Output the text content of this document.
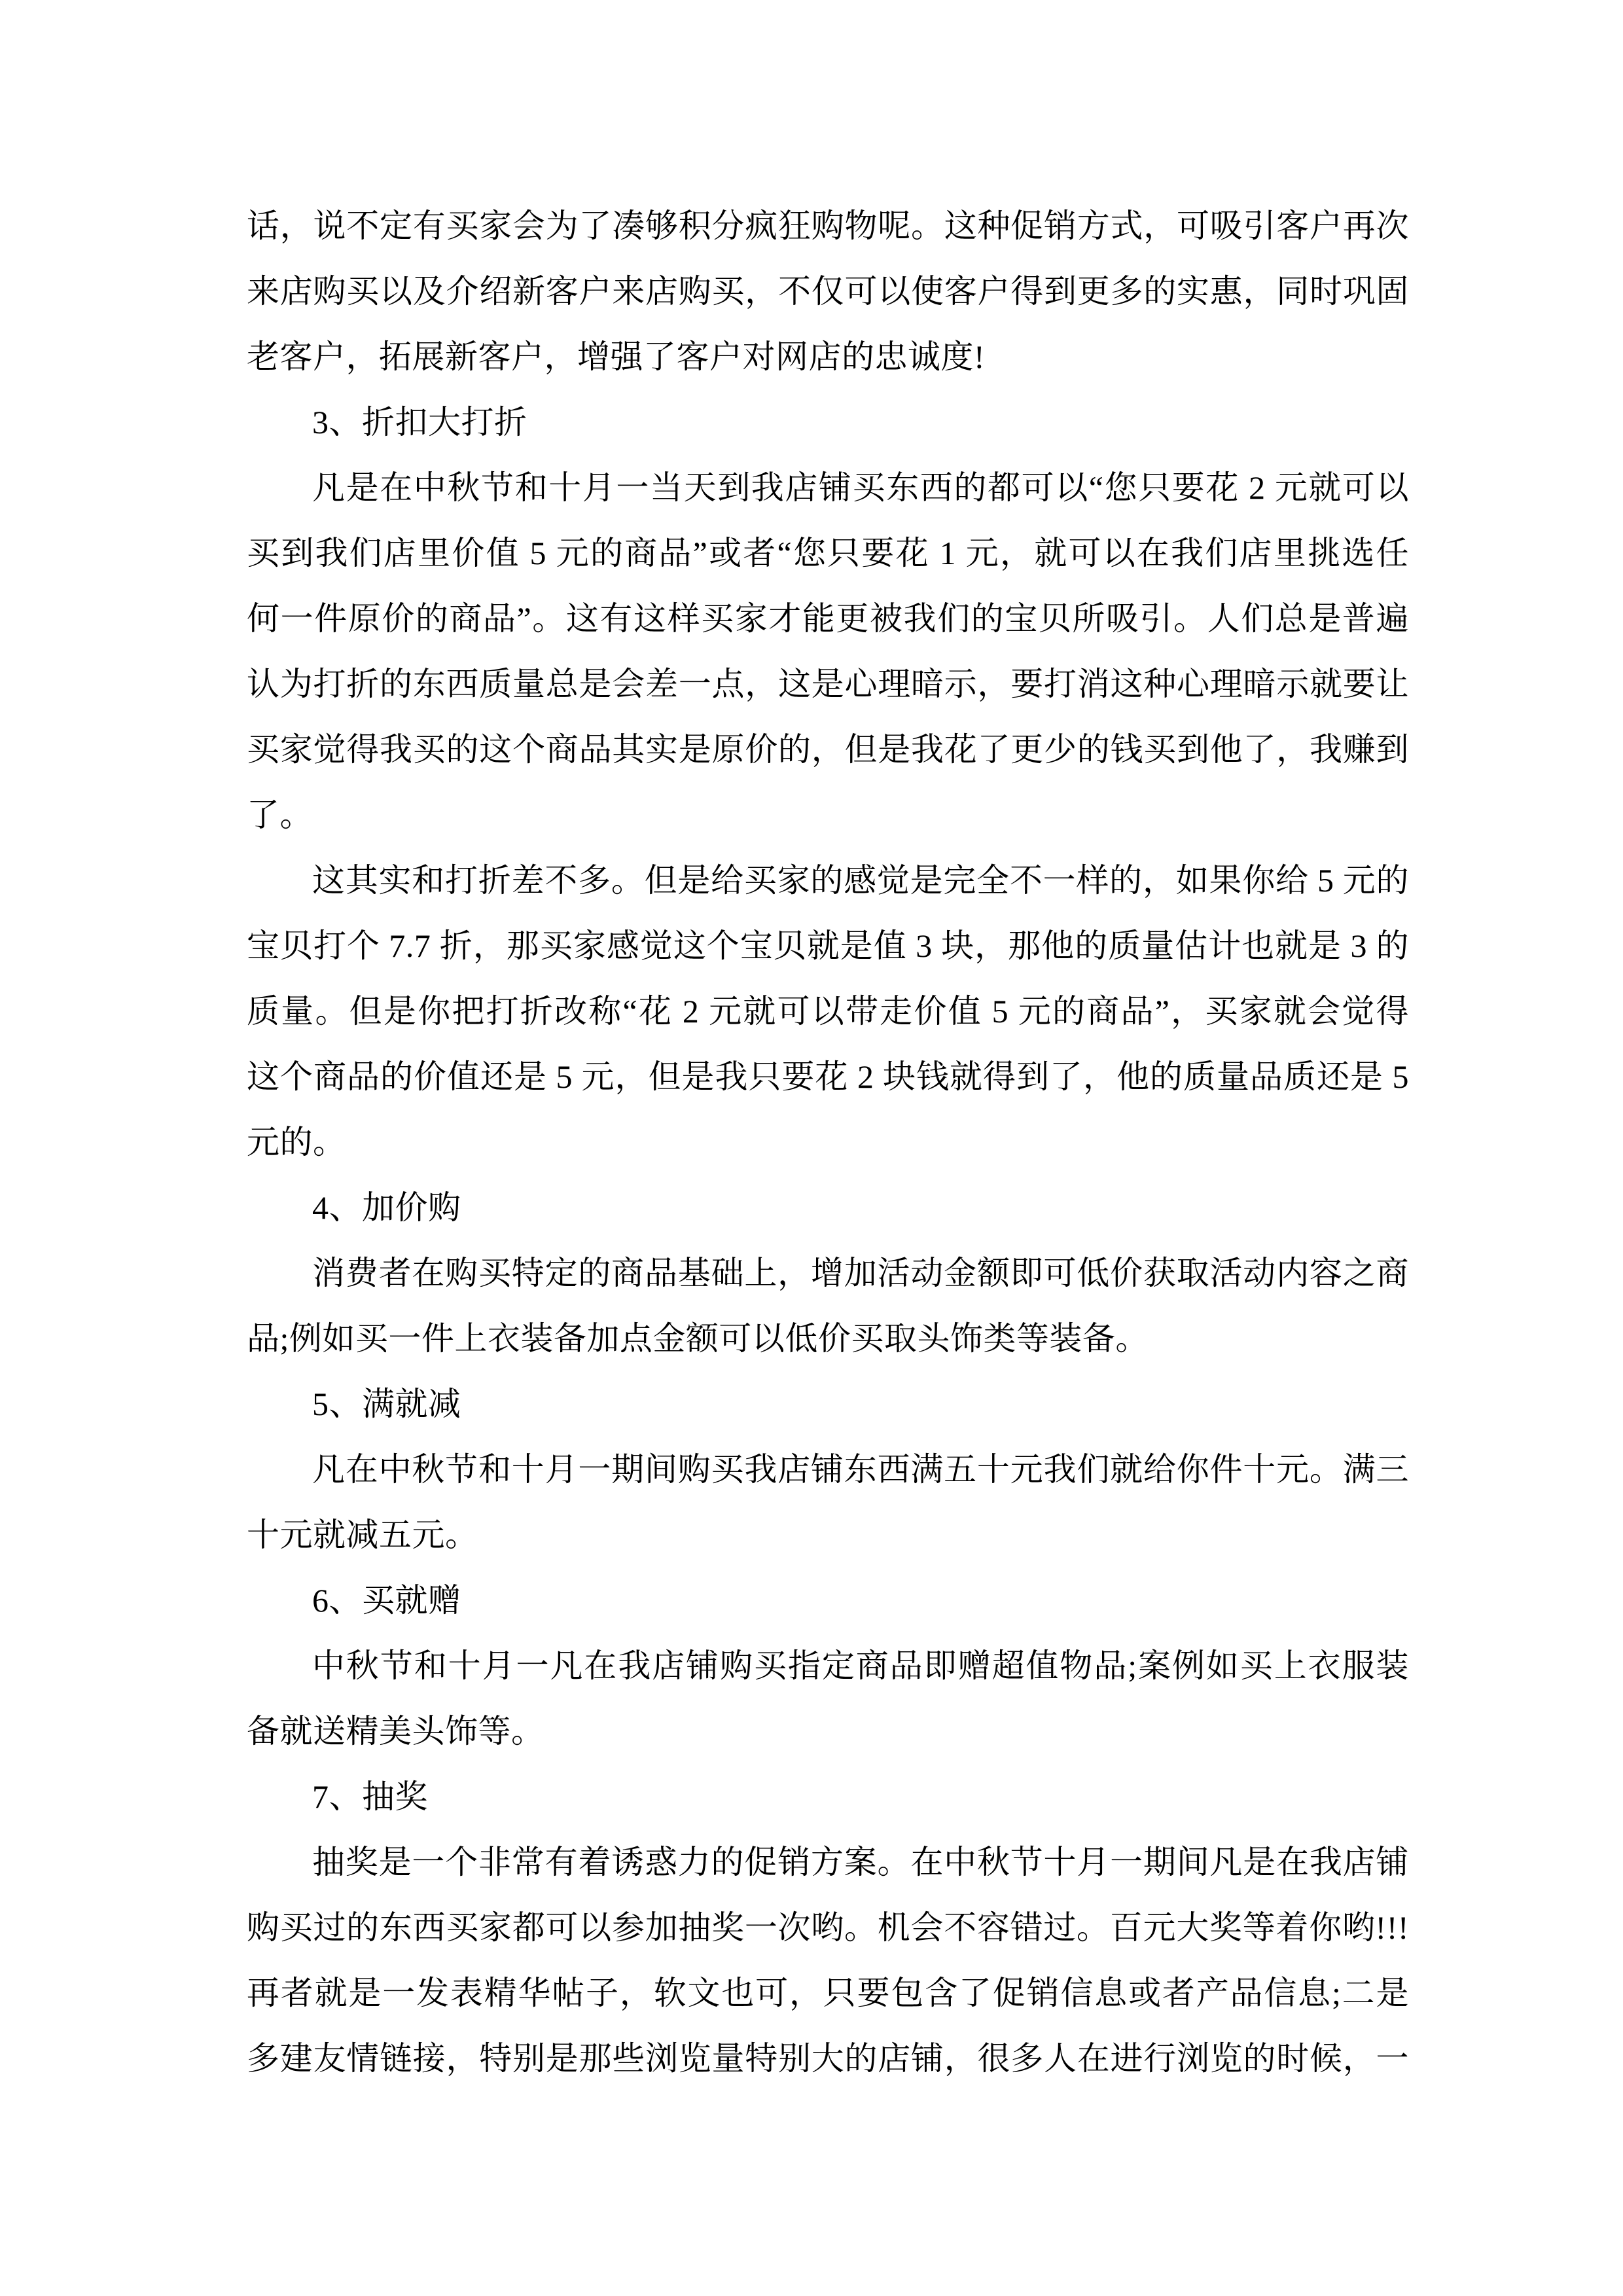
话，说不定有买家会为了凑够积分疯狂购物呢。这种促销方式，可吸引客户再次
来店购买以及介绍新客户来店购买，不仅可以使客户得到更多的实惠，同时巩固
老客户，拓展新客户，增强了客户对网店的忠诚度!
3、折扣大打折
凡是在中秋节和十月一当天到我店铺买东西的都可以“您只要花 2 元就可以
买到我们店里价值 5 元的商品”或者“您只要花 1 元，就可以在我们店里挑选任
何一件原价的商品”。这有这样买家才能更被我们的宝贝所吸引。人们总是普遍
认为打折的东西质量总是会差一点，这是心理暗示，要打消这种心理暗示就要让
买家觉得我买的这个商品其实是原价的，但是我花了更少的钱买到他了，我赚到
了。
这其实和打折差不多。但是给买家的感觉是完全不一样的，如果你给 5 元的
宝贝打个 7.7 折，那买家感觉这个宝贝就是值 3 块，那他的质量估计也就是 3 的
质量。但是你把打折改称“花 2 元就可以带走价值 5 元的商品”，买家就会觉得
这个商品的价值还是 5 元，但是我只要花 2 块钱就得到了，他的质量品质还是 5
元的。
4、加价购
消费者在购买特定的商品基础上，增加活动金额即可低价获取活动内容之商
品;例如买一件上衣装备加点金额可以低价买取头饰类等装备。
5、满就减
凡在中秋节和十月一期间购买我店铺东西满五十元我们就给你件十元。满三
十元就减五元。
6、买就赠
中秋节和十月一凡在我店铺购买指定商品即赠超值物品;案例如买上衣服装
备就送精美头饰等。
7、抽奖
抽奖是一个非常有着诱惑力的促销方案。在中秋节十月一期间凡是在我店铺
购买过的东西买家都可以参加抽奖一次哟。机会不容错过。百元大奖等着你哟!!!
再者就是一发表精华帖子，软文也可，只要包含了促销信息或者产品信息;二是
多建友情链接，特别是那些浏览量特别大的店铺，很多人在进行浏览的时候，一
